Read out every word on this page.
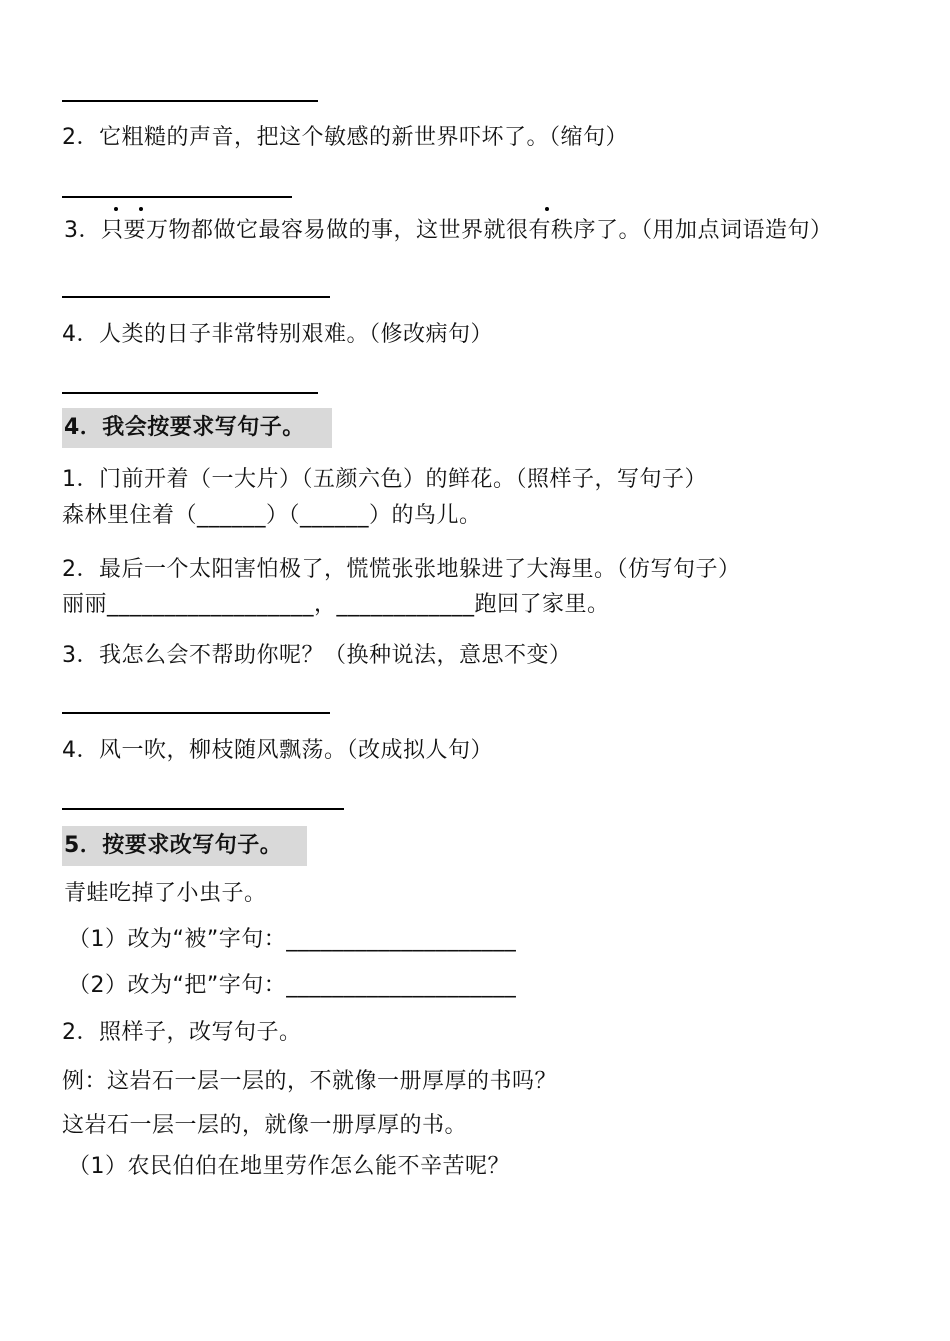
2．它粗糙的声音，把这个敏感的新世界吓坏了。（缩句）
3．只要万物都做它最容易做的事，这世界就很有秩序了。（用加点词语造句）
4．人类的日子非常特别艰难。（修改病句）
4．我会按要求写句子。
1．门前开着（一大片）（五颜六色）的鲜花。（照样子，写句子）
森林里住着（______）（______）的鸟儿。
2．最后一个太阳害怕极了，慌慌张张地躲进了大海里。（仿写句子）
丽丽__________________，____________跑回了家里。
3．我怎么会不帮助你呢？（换种说法，意思不变）
4．风一吹，柳枝随风飘荡。（改成拟人句）
5．按要求改写句子。
青蛙吃掉了小虫子。
（1）改为“被”字句：____________________
（2）改为“把”字句：____________________
2．照样子，改写句子。
例：这岩石一层一层的，不就像一册厚厚的书吗？
这岩石一层一层的，就像一册厚厚的书。
（1）农民伯伯在地里劳作怎么能不辛苦呢？
